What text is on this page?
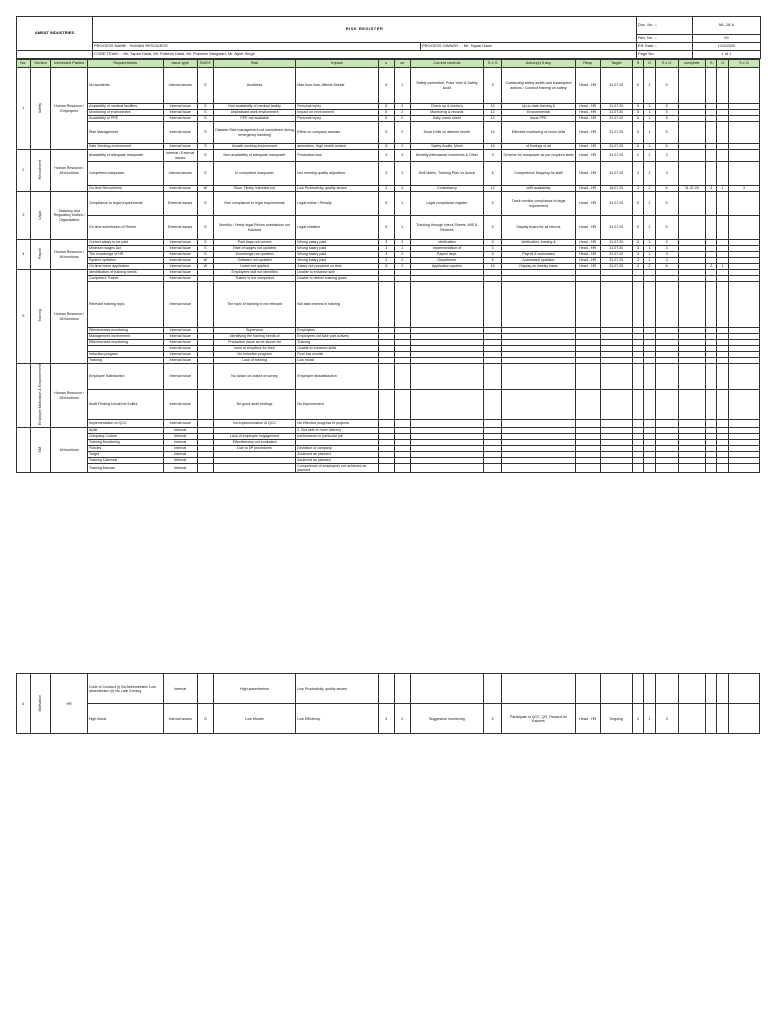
AMEAT INDUSTRIES	RISK REGISTER		Doc. No. :-	ML-18 A
			Rev. No. :-	00
	PROCESS NAME : HUMAN RESOURCE	PROCESS OWNER : - Mr. Tapan Dalal	Eff. Date :-	1/13/2020
	CORE TEAM : - Mr. Tapan Dalal, Mr. Prateek Dalal, Mr. Praveen Sangwan, Mr. Ajeet Singh		Page No.	1 of 1
No.	Section	Interested Parties	Requirements	Issue type	SWOT	Risk	Impact	s	oe	Current controls	S x O	Action(s) if any	Resp	Target	S	O	S x O	complete	S	O	S x O
1	Safety	Human Resource / Employees	No accidents	Internal issues	S	Accidents	Man hour loss, Affects Morale	5	1	Safety committee, Poka Yoke & Safety Audit	5	Conducting safety audits and subsequent actions / Conduct training on safety	Head - HR	31.07.20	5	1	5				
			Availability of medical facilities	Internal issue	S	Non availability of medical facility	Personal injury	5	2	Check up & doctor's	10	Up-to-date training &	Head - HR	31.07.20	5	1	5				
			Monitoring of environment	Internal issue	S	Unpleasant work environment	Impact on environment	5	2	Monitoring & records	10	Environmental	Head - HR	31.07.20	5	1	5				
			Availability of PPE	Internal issue	S	PPE not available	Personal injury	5	2	Daily check sheet	10	Issue PPE	Head - HR	31.07.20	5	1	5				
			Risk Management	Internal issue	S	Disaster Risk management not considered during emergency handling	Effect on company assests	5	2	Mock Drills on alternet month	10	Effective monitoring of mock drills	Head - HR	31.07.20	5	1	5				
			Safe Working environment	Internal issue	S	Unsafe working environment	absentism, High health related	5	2	Safety Audits, Mock	10	of findings of all	Head - HR	31.07.20	5	1	5				
2	Recruitment	Human Resource / All functions	Availability of adequate manpower	Internal / External issues	S	Non-availability of adequate manpower	Production loss	3	3	Monthly Attendance Incentives & Other	9	Scheme for manpower as per required skills	Head - HR	31.07.20	3	1	3				
			Competent manpower	Internal issues	S	In competent manpower	Not meeting quality objectives	3	2	Skill Matrix, Training Plan Vs Actual	6	Competence Mapping for staff	Head - HR	31.07.20	3	1	3				
			On time Recruitment	Internal issue	W	Slow, Timely interview not	Low Productivity, quality issues	3	4	Consultancy	12	with availability	Head - HR	16.07.20	3	2	6	31.07.20	3	1	3
3	Legal	Statutory and Regulatory bodies / Organisation	Compliance to legal requirements	External issues	S	Non compliance to legal requirements	Legal notice / Penalty	5	1	Legal compliance register	5	Track monitor compliance to legal requirement	Head - HR	31.07.20	5	1	5				
			On time submission of Return	External issues	S	Monthly / Yearly legal Return submission not followed	Legal violation	5	1	Tracking through check Sheets, MIS & Reviews	5	Display board for all returns	Head - HR	31.07.20	5	1	5				
4	Payroll	Human Resource / All functions	Correct salary to be paid	Internal issue	S	Paid days not correct	Wrong salary paid	3	3	Verification	9	Verification, training &	Head - HR	31.07.20	3	1	3				
			Minimum wages Act	Internal issue	S	Rate of wages not updated	Wrong salary paid	3	1	Implementation of	3		Head - HR	31.07.20	3	1	3				
			The knowledge of HR	Internal issue	S	Knowledge not updated	Wrong salary paid	3	2	Payroll dept.	6	Payroll & automated	Head - HR	31.07.20	3	1	3				
			System updation	Internal issue	W	Software not updated	Wrong salary paid	3	2	Department	6	Automated updation	Head - HR	31.07.20	3	1	3				
			On time leave application	Internal issue	W	Leave not applied	Salary not prepared on time	5	2	Application system	10	Display on weekly basis	Head - HR	31.07.20	3	2	6		2	1	
5	Training	Human Resource / All functions	Identification of training needs	Internal issue		Employees skill not identified	Unable to enhance skill														
			Competent Trainer	Internal issue		Trainer is not competent	Unable to deliver training goals														
			Relevant training topic	Internal issue		The topic of training is not relevant	Not take interest in training														
			Effectiveness monitoring	Internal issue		Supervisor	Employees														
			Management involvement	Internal issue		Identifying the training needs of	Employees not take part actively														
			Effectiveness monitoring	Internal issue		Production issue as be shown for	Training														
				Internal issue		work at shopfloor for their	Unable to enhance skills														
			Induction program	Internal issue		No induction program	Poor low morale														
			Training	Internal issue		Lack of training	Low moral														
	Employee Motivation & Empowerment	Human Resource / All functions	Employee Satisfaction	Internal issue		No action on output of survey	Employee dissatisfaction														
			Audit Finding should be fruitful	Internal issue		No good audit findings	No improvement														
			Implementation of QCC	Internal issue		No implementation of QCC	No effective progress of projects														
	KM	All functions	Audit	Internal			2. Not able to meet delivery														
			Company Culture	Internal		Lack of employee engagement	performance in particular job														
			Training Monitoring	Internal		Effectiveness not evaluated															
			Policies	Internal		Due to 5P procedures	Deviation of company														
			Target	Internal			Achieved as planned														
			Training Calendar	Internal			Achieved as planned														
			Training Manual	Internal			Competence of employees not achieved as planned														
6	Motivation	HR	Code of Conduct (i) No Absenteeism/ Low absenteeism (ii) No Late Coming	Internal		High absenteeism	Low Productivity, quality issues														
			High Moral	Internal issues	O	Low Morale	Low Efficiency	3	2	Suggestion monitoring	6	Participate in QCC, QIT, Reward for Kaizens	Head - HR	Ongoing	3	1	3				
